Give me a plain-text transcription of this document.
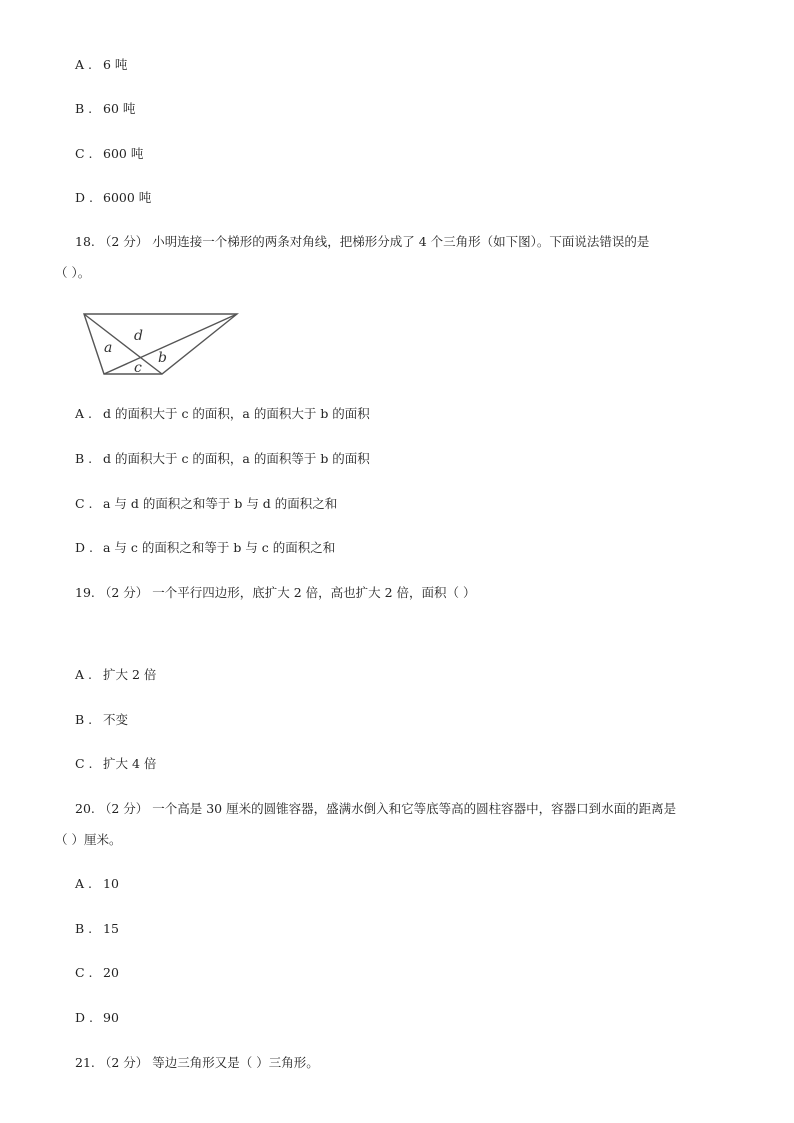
A . 6 吨
B . 60 吨
C . 600 吨
D . 6000 吨
18. （2 分） 小明连接一个梯形的两条对角线，把梯形分成了 4 个三角形（如下图）。下面说法错误的是
（ ）。
d
a
b
c
A . d 的面积大于 c 的面积，a 的面积大于 b 的面积
B . d 的面积大于 c 的面积，a 的面积等于 b 的面积
C . a 与 d 的面积之和等于 b 与 d 的面积之和
D . a 与 c 的面积之和等于 b 与 c 的面积之和
19. （2 分） 一个平行四边形，底扩大 2 倍，高也扩大 2 倍，面积（ ）
A . 扩大 2 倍
B . 不变
C . 扩大 4 倍
20. （2 分） 一个高是 30 厘米的圆锥容器，盛满水倒入和它等底等高的圆柱容器中，容器口到水面的距离是
（ ）厘米。
A . 10
B . 15
C . 20
D . 90
21. （2 分） 等边三角形又是（ ）三角形。
